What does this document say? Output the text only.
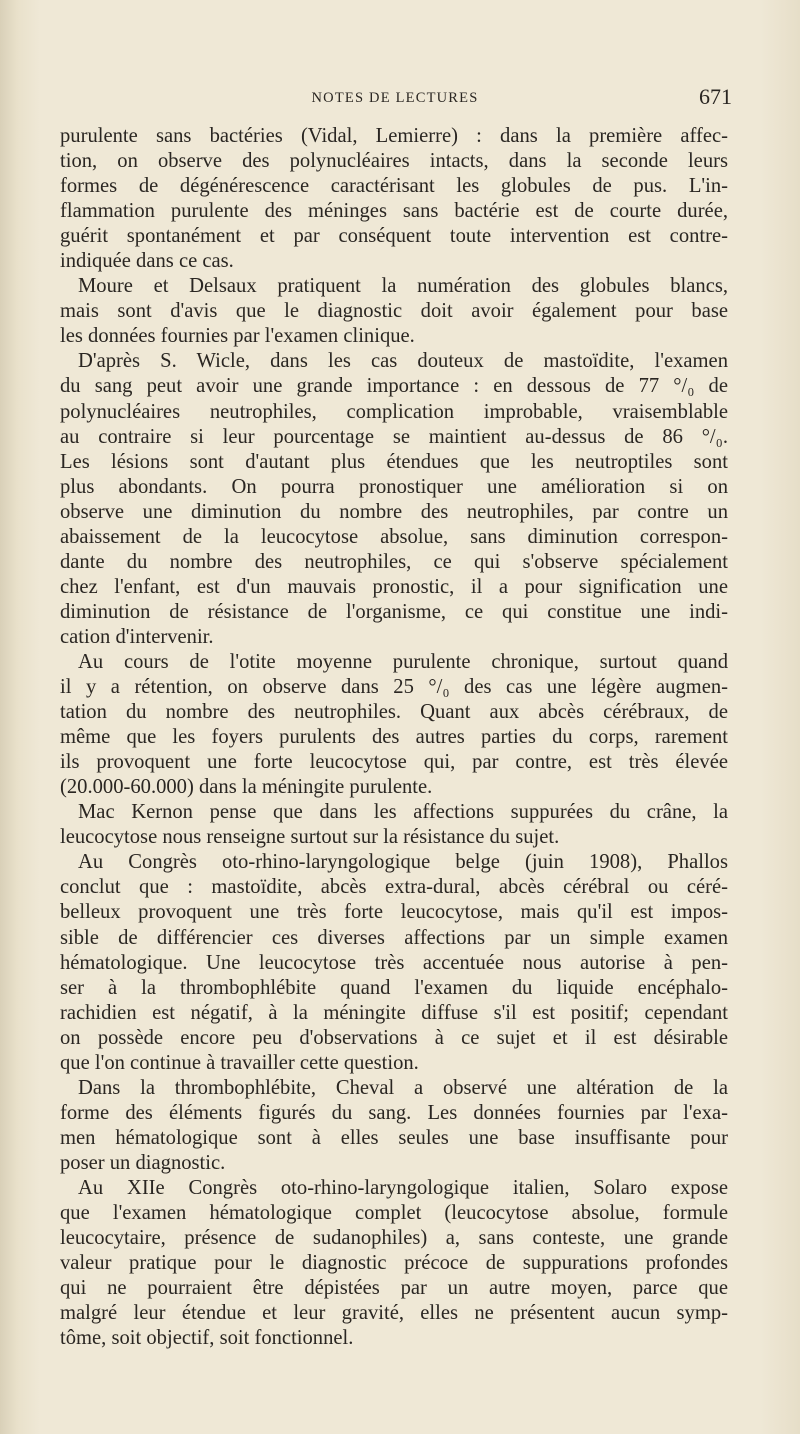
NOTES DE LECTURES	671
purulente sans bactéries (Vidal, Lemierre) : dans la première affec-
tion, on observe des polynucléaires intacts, dans la seconde leurs
formes de dégénérescence caractérisant les globules de pus. L'in-
flammation purulente des méninges sans bactérie est de courte durée,
guérit spontanément et par conséquent toute intervention est contre-
indiquée dans ce cas.
Moure et Delsaux pratiquent la numération des globules blancs,
mais sont d'avis que le diagnostic doit avoir également pour base
les données fournies par l'examen clinique.
D'après S. Wicle, dans les cas douteux de mastoïdite, l'examen
du sang peut avoir une grande importance : en dessous de 77 °/₀ de
polynucléaires neutrophiles, complication improbable, vraisemblable
au contraire si leur pourcentage se maintient au-dessus de 86 °/₀.
Les lésions sont d'autant plus étendues que les neutroptiles sont
plus abondants. On pourra pronostiquer une amélioration si on
observe une diminution du nombre des neutrophiles, par contre un
abaissement de la leucocytose absolue, sans diminution correspon-
dante du nombre des neutrophiles, ce qui s'observe spécialement
chez l'enfant, est d'un mauvais pronostic, il a pour signification une
diminution de résistance de l'organisme, ce qui constitue une indi-
cation d'intervenir.
Au cours de l'otite moyenne purulente chronique, surtout quand
il y a rétention, on observe dans 25 °/₀ des cas une légère augmen-
tation du nombre des neutrophiles. Quant aux abcès cérébraux, de
même que les foyers purulents des autres parties du corps, rarement
ils provoquent une forte leucocytose qui, par contre, est très élevée
(20.000-60.000) dans la méningite purulente.
Mac Kernon pense que dans les affections suppurées du crâne, la
leucocytose nous renseigne surtout sur la résistance du sujet.
Au Congrès oto-rhino-laryngologique belge (juin 1908), Phallos
conclut que : mastoïdite, abcès extra-dural, abcès cérébral ou céré-
belleux provoquent une très forte leucocytose, mais qu'il est impos-
sible de différencier ces diverses affections par un simple examen
hématologique. Une leucocytose très accentuée nous autorise à pen-
ser à la thrombophlébite quand l'examen du liquide encéphalo-
rachidien est négatif, à la méningite diffuse s'il est positif; cependant
on possède encore peu d'observations à ce sujet et il est désirable
que l'on continue à travailler cette question.
Dans la thrombophlébite, Cheval a observé une altération de la
forme des éléments figurés du sang. Les données fournies par l'exa-
men hématologique sont à elles seules une base insuffisante pour
poser un diagnostic.
Au XIIe Congrès oto-rhino-laryngologique italien, Solaro expose
que l'examen hématologique complet (leucocytose absolue, formule
leucocytaire, présence de sudanophiles) a, sans conteste, une grande
valeur pratique pour le diagnostic précoce de suppurations profondes
qui ne pourraient être dépistées par un autre moyen, parce que
malgré leur étendue et leur gravité, elles ne présentent aucun symp-
tôme, soit objectif, soit fonctionnel.
